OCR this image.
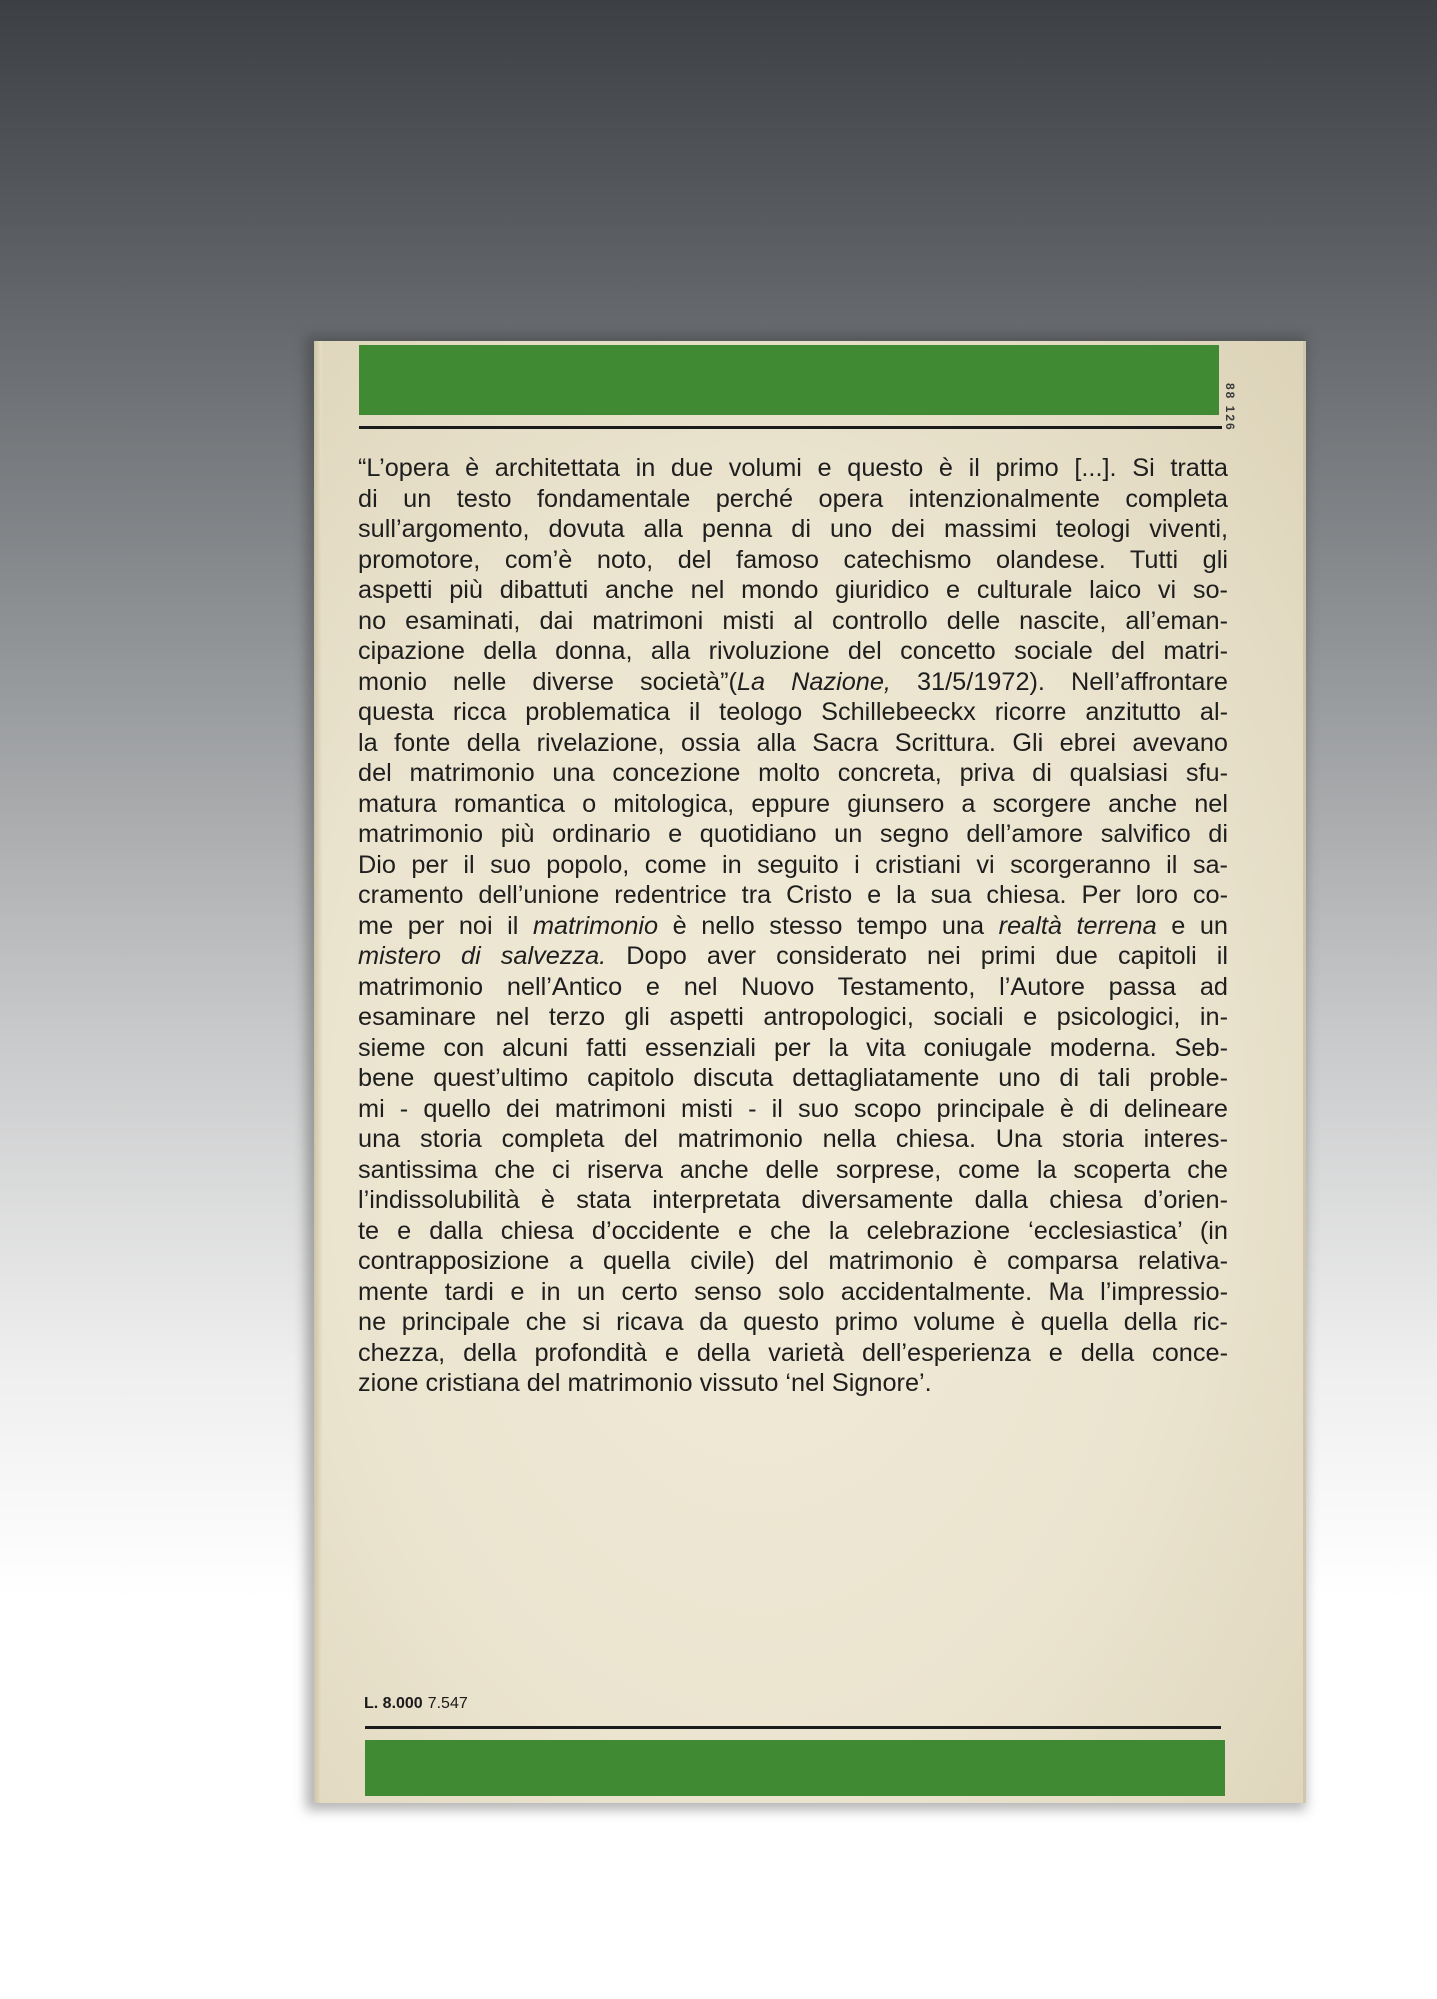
88 126
“L’opera è architettata in due volumi e questo è il primo [...]. Si tratta
di un testo fondamentale perché opera intenzionalmente completa
sull’argomento, dovuta alla penna di uno dei massimi teologi viventi,
promotore, com’è noto, del famoso catechismo olandese. Tutti gli
aspetti più dibattuti anche nel mondo giuridico e culturale laico vi so-
no esaminati, dai matrimoni misti al controllo delle nascite, all’eman-
cipazione della donna, alla rivoluzione del concetto sociale del matri-
monio nelle diverse società”(La Nazione, 31/5/1972). Nell’affrontare
questa ricca problematica il teologo Schillebeeckx ricorre anzitutto al-
la fonte della rivelazione, ossia alla Sacra Scrittura. Gli ebrei avevano
del matrimonio una concezione molto concreta, priva di qualsiasi sfu-
matura romantica o mitologica, eppure giunsero a scorgere anche nel
matrimonio più ordinario e quotidiano un segno dell’amore salvifico di
Dio per il suo popolo, come in seguito i cristiani vi scorgeranno il sa-
cramento dell’unione redentrice tra Cristo e la sua chiesa. Per loro co-
me per noi il matrimonio è nello stesso tempo una realtà terrena e un
mistero di salvezza. Dopo aver considerato nei primi due capitoli il
matrimonio nell’Antico e nel Nuovo Testamento, l’Autore passa ad
esaminare nel terzo gli aspetti antropologici, sociali e psicologici, in-
sieme con alcuni fatti essenziali per la vita coniugale moderna. Seb-
bene quest’ultimo capitolo discuta dettagliatamente uno di tali proble-
mi - quello dei matrimoni misti - il suo scopo principale è di delineare
una storia completa del matrimonio nella chiesa. Una storia interes-
santissima che ci riserva anche delle sorprese, come la scoperta che
l’indissolubilità è stata interpretata diversamente dalla chiesa d’orien-
te e dalla chiesa d’occidente e che la celebrazione ‘ecclesiastica’ (in
contrapposizione a quella civile) del matrimonio è comparsa relativa-
mente tardi e in un certo senso solo accidentalmente. Ma l’impressio-
ne principale che si ricava da questo primo volume è quella della ric-
chezza, della profondità e della varietà dell’esperienza e della conce-
zione cristiana del matrimonio vissuto ‘nel Signore’.
L. 8.000 7.547
